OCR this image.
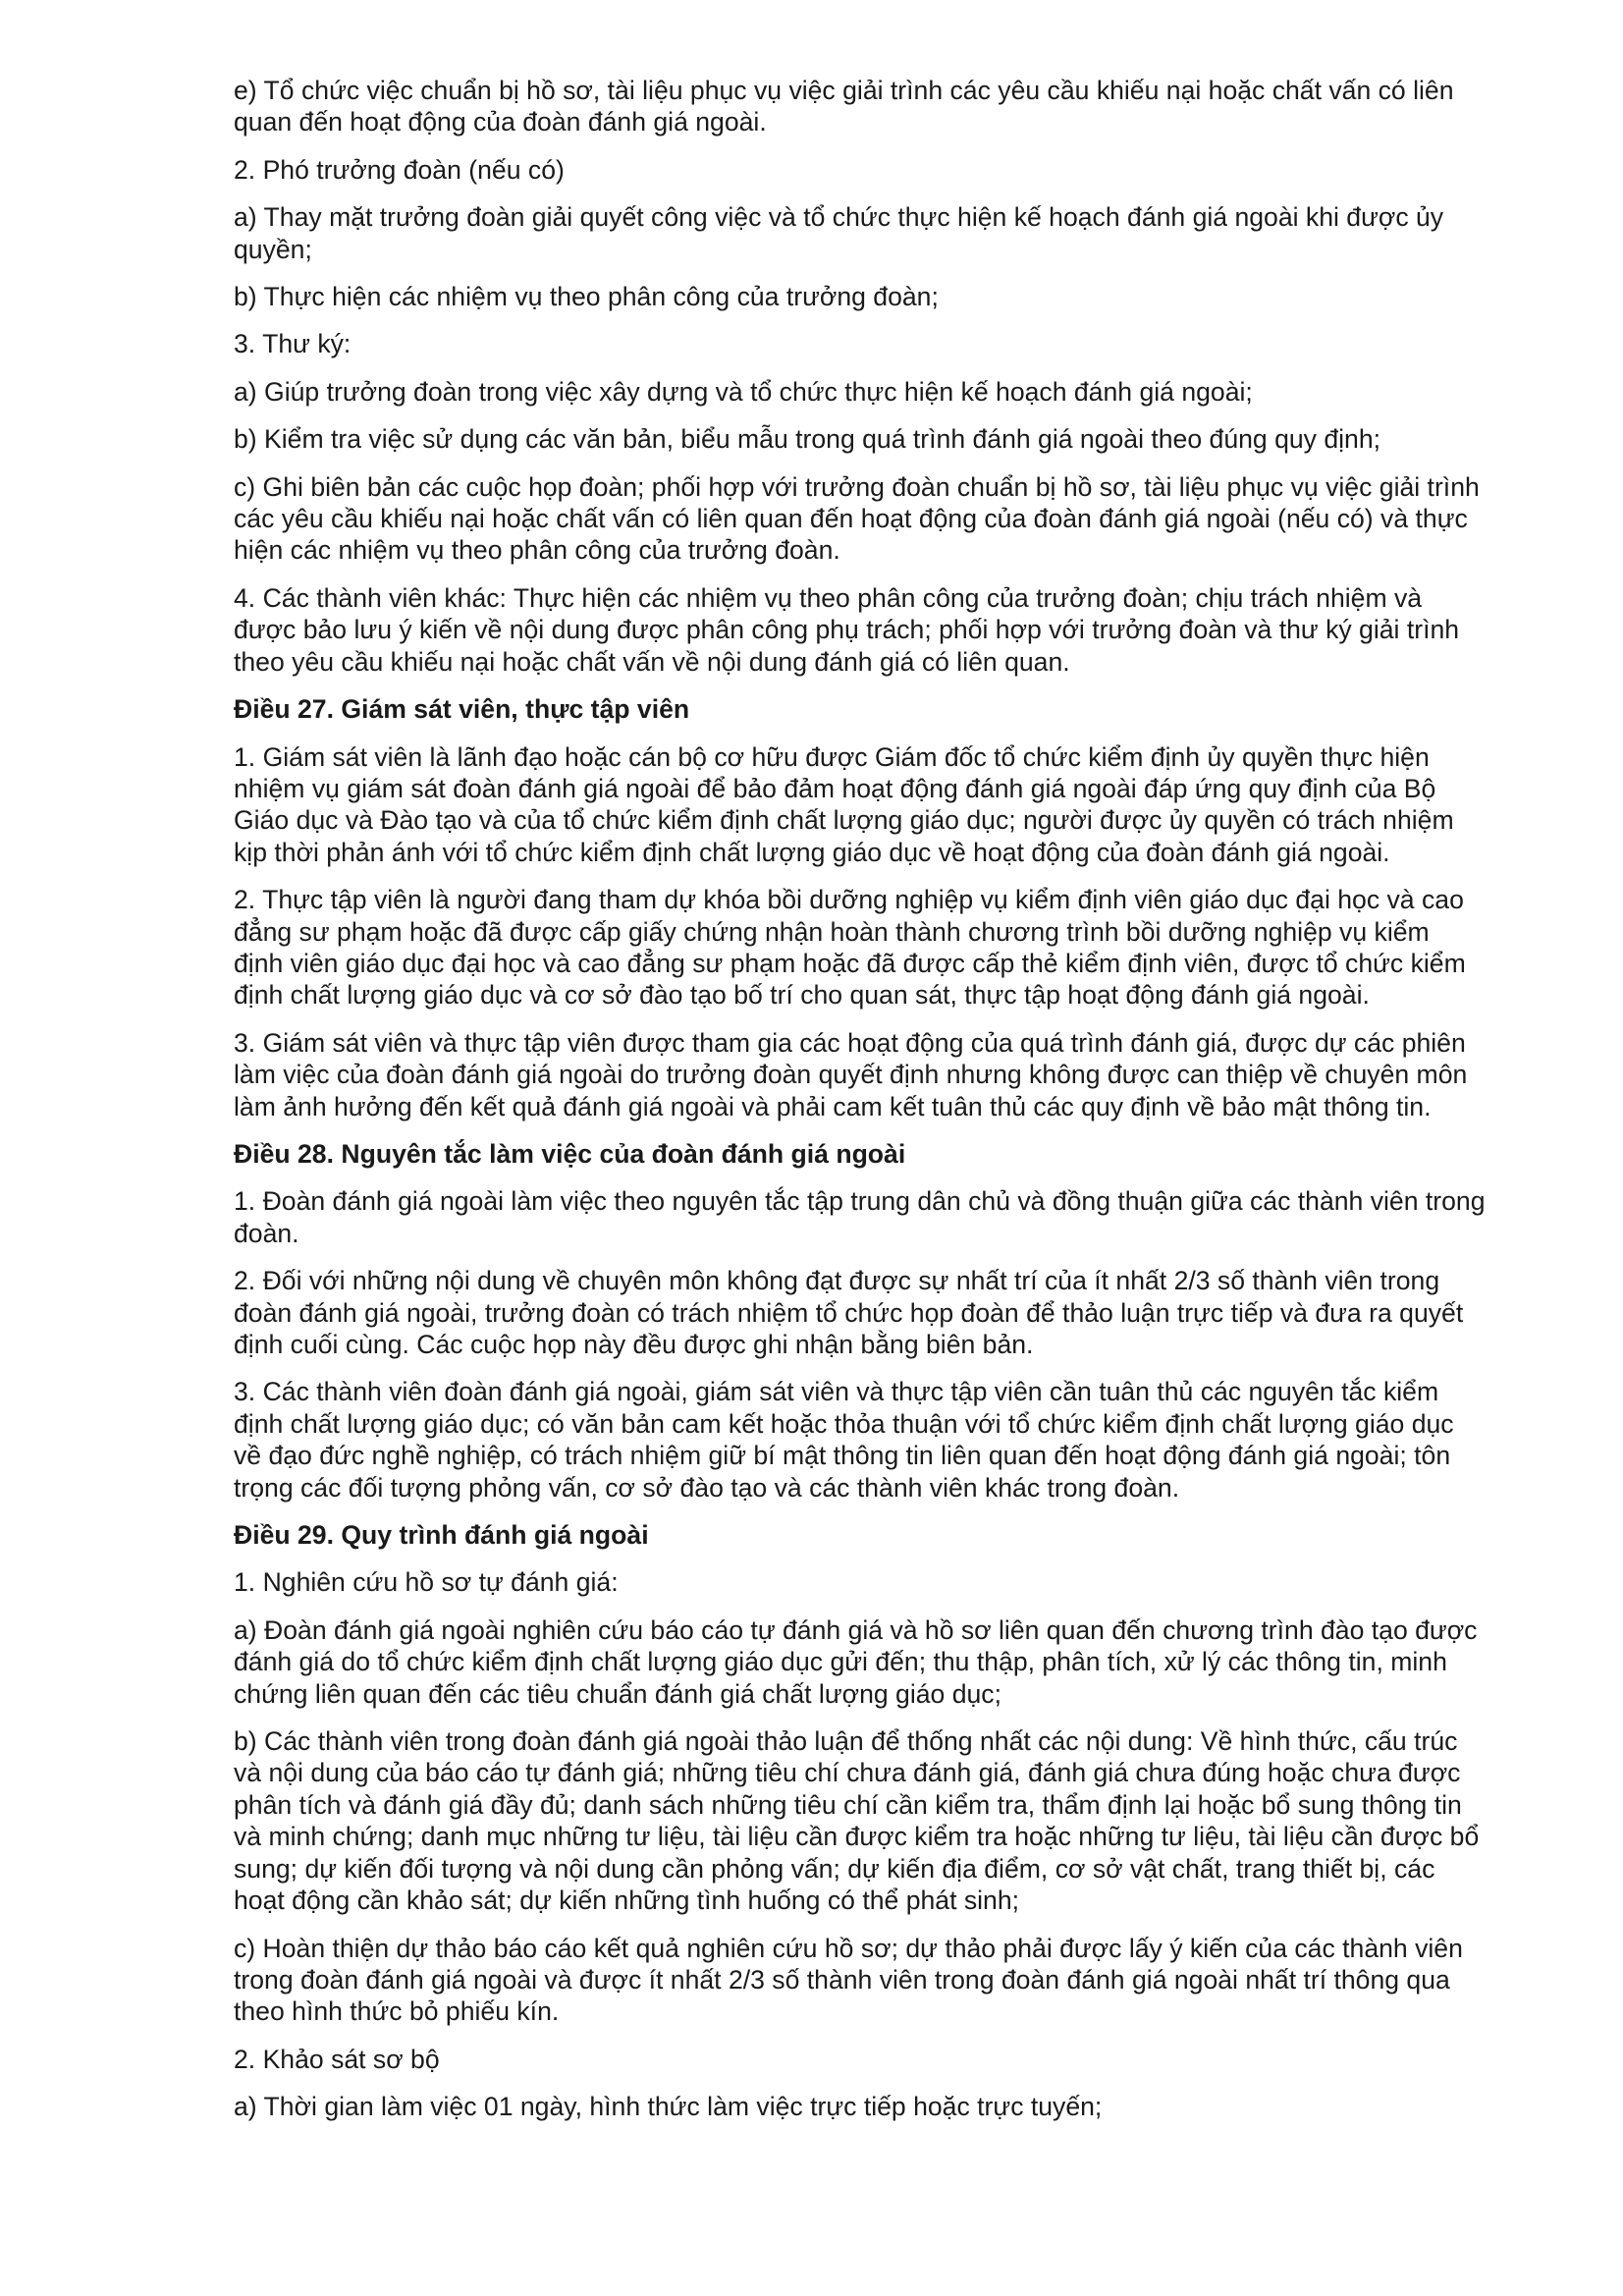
e) Tổ chức việc chuẩn bị hồ sơ, tài liệu phục vụ việc giải trình các yêu cầu khiếu nại hoặc chất vấn có liên quan đến hoạt động của đoàn đánh giá ngoài.

2. Phó trưởng đoàn (nếu có)

a) Thay mặt trưởng đoàn giải quyết công việc và tổ chức thực hiện kế hoạch đánh giá ngoài khi được ủy quyền;

b) Thực hiện các nhiệm vụ theo phân công của trưởng đoàn;

3. Thư ký:

a) Giúp trưởng đoàn trong việc xây dựng và tổ chức thực hiện kế hoạch đánh giá ngoài;

b) Kiểm tra việc sử dụng các văn bản, biểu mẫu trong quá trình đánh giá ngoài theo đúng quy định;

c) Ghi biên bản các cuộc họp đoàn; phối hợp với trưởng đoàn chuẩn bị hồ sơ, tài liệu phục vụ việc giải trình các yêu cầu khiếu nại hoặc chất vấn có liên quan đến hoạt động của đoàn đánh giá ngoài (nếu có) và thực hiện các nhiệm vụ theo phân công của trưởng đoàn.

4. Các thành viên khác: Thực hiện các nhiệm vụ theo phân công của trưởng đoàn; chịu trách nhiệm và được bảo lưu ý kiến về nội dung được phân công phụ trách; phối hợp với trưởng đoàn và thư ký giải trình theo yêu cầu khiếu nại hoặc chất vấn về nội dung đánh giá có liên quan.

Điều 27. Giám sát viên, thực tập viên

1. Giám sát viên là lãnh đạo hoặc cán bộ cơ hữu được Giám đốc tổ chức kiểm định ủy quyền thực hiện nhiệm vụ giám sát đoàn đánh giá ngoài để bảo đảm hoạt động đánh giá ngoài đáp ứng quy định của Bộ Giáo dục và Đào tạo và của tổ chức kiểm định chất lượng giáo dục; người được ủy quyền có trách nhiệm kịp thời phản ánh với tổ chức kiểm định chất lượng giáo dục về hoạt động của đoàn đánh giá ngoài.

2. Thực tập viên là người đang tham dự khóa bồi dưỡng nghiệp vụ kiểm định viên giáo dục đại học và cao đẳng sư phạm hoặc đã được cấp giấy chứng nhận hoàn thành chương trình bồi dưỡng nghiệp vụ kiểm định viên giáo dục đại học và cao đẳng sư phạm hoặc đã được cấp thẻ kiểm định viên, được tổ chức kiểm định chất lượng giáo dục và cơ sở đào tạo bố trí cho quan sát, thực tập hoạt động đánh giá ngoài.

3. Giám sát viên và thực tập viên được tham gia các hoạt động của quá trình đánh giá, được dự các phiên làm việc của đoàn đánh giá ngoài do trưởng đoàn quyết định nhưng không được can thiệp về chuyên môn làm ảnh hưởng đến kết quả đánh giá ngoài và phải cam kết tuân thủ các quy định về bảo mật thông tin.

Điều 28. Nguyên tắc làm việc của đoàn đánh giá ngoài

1. Đoàn đánh giá ngoài làm việc theo nguyên tắc tập trung dân chủ và đồng thuận giữa các thành viên trong đoàn.

2. Đối với những nội dung về chuyên môn không đạt được sự nhất trí của ít nhất 2/3 số thành viên trong đoàn đánh giá ngoài, trưởng đoàn có trách nhiệm tổ chức họp đoàn để thảo luận trực tiếp và đưa ra quyết định cuối cùng. Các cuộc họp này đều được ghi nhận bằng biên bản.

3. Các thành viên đoàn đánh giá ngoài, giám sát viên và thực tập viên cần tuân thủ các nguyên tắc kiểm định chất lượng giáo dục; có văn bản cam kết hoặc thỏa thuận với tổ chức kiểm định chất lượng giáo dục về đạo đức nghề nghiệp, có trách nhiệm giữ bí mật thông tin liên quan đến hoạt động đánh giá ngoài; tôn trọng các đối tượng phỏng vấn, cơ sở đào tạo và các thành viên khác trong đoàn.

Điều 29. Quy trình đánh giá ngoài

1. Nghiên cứu hồ sơ tự đánh giá:

a) Đoàn đánh giá ngoài nghiên cứu báo cáo tự đánh giá và hồ sơ liên quan đến chương trình đào tạo được đánh giá do tổ chức kiểm định chất lượng giáo dục gửi đến; thu thập, phân tích, xử lý các thông tin, minh chứng liên quan đến các tiêu chuẩn đánh giá chất lượng giáo dục;

b) Các thành viên trong đoàn đánh giá ngoài thảo luận để thống nhất các nội dung: Về hình thức, cấu trúc và nội dung của báo cáo tự đánh giá; những tiêu chí chưa đánh giá, đánh giá chưa đúng hoặc chưa được phân tích và đánh giá đầy đủ; danh sách những tiêu chí cần kiểm tra, thẩm định lại hoặc bổ sung thông tin và minh chứng; danh mục những tư liệu, tài liệu cần được kiểm tra hoặc những tư liệu, tài liệu cần được bổ sung; dự kiến đối tượng và nội dung cần phỏng vấn; dự kiến địa điểm, cơ sở vật chất, trang thiết bị, các hoạt động cần khảo sát; dự kiến những tình huống có thể phát sinh;

c) Hoàn thiện dự thảo báo cáo kết quả nghiên cứu hồ sơ; dự thảo phải được lấy ý kiến của các thành viên trong đoàn đánh giá ngoài và được ít nhất 2/3 số thành viên trong đoàn đánh giá ngoài nhất trí thông qua theo hình thức bỏ phiếu kín.

2. Khảo sát sơ bộ

a) Thời gian làm việc 01 ngày, hình thức làm việc trực tiếp hoặc trực tuyến;
